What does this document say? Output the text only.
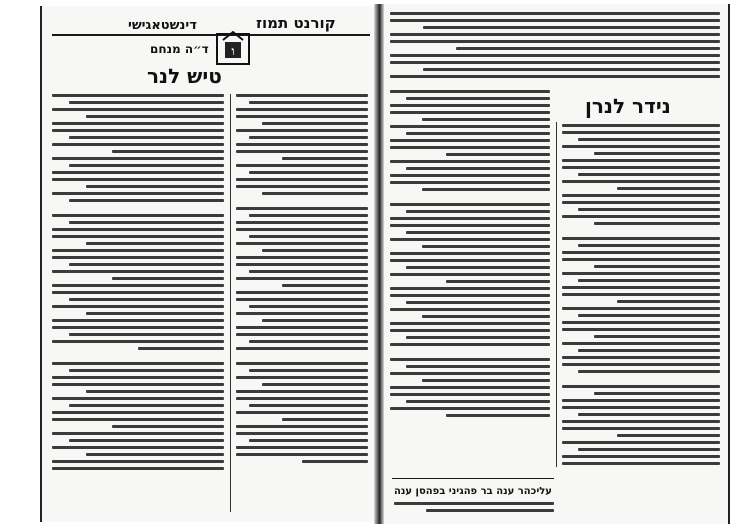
קורנט תמוז
דינשטאגישי
ו
ד״ה מנחם
טיש לנר
נידר לנרן
עליכהר ענה בר פהגיני בפהסן ענה
